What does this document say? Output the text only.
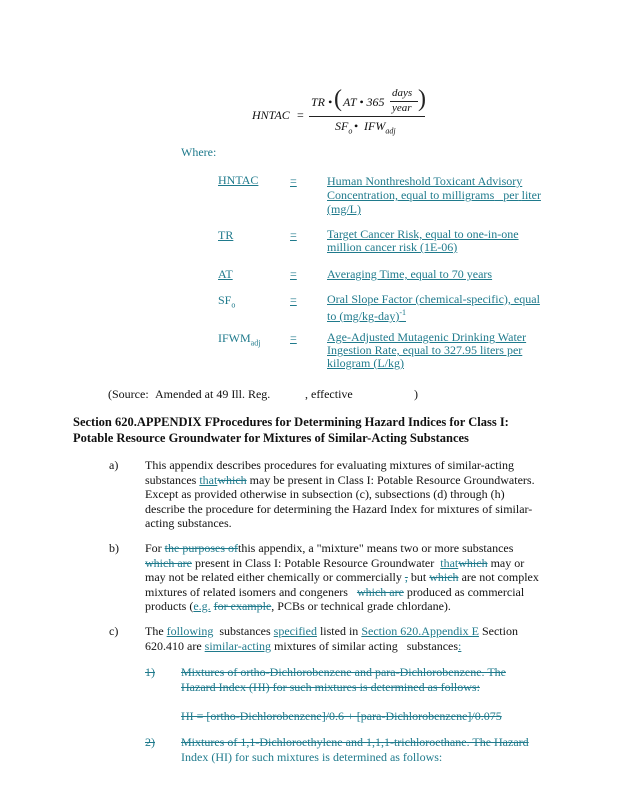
HNTAC =
TR • ( AT • 365
days
year )
$SF_o$ • $IFW_{adj}$
Where:
HNTAC	=	Human Nonthreshold Toxicant Advisory
Concentration, equal to milligrams per liter
(mg/L)
TR	=	Target Cancer Risk, equal to one-in-one
million cancer risk (1E-06)
AT	=	Averaging Time, equal to 70 years
$SF_o$	=	Oral Slope Factor (chemical-specific), equal
to $(mg/kg-day)^{-1}$
$IFWM_{adj}$ =	Age-Adjusted Mutagenic Drinking Water
Ingestion Rate, equal to 327.95 liters per
kilogram (L/kg)
(Source: Amended at 49 Ill. Reg.	, effective	)
Section 620.APPENDIX FProcedures for Determining Hazard Indices for Class I:
Potable Resource Groundwater for Mixtures of Similar-Acting Substances
a) This appendix describes procedures for evaluating mixtures of similar-acting
substances thatwhich may be present in Class I: Potable Resource Groundwaters.
Except as provided otherwise in subsection (c), subsections (d) through (h)
describe the procedure for determining the Hazard Index for mixtures of similar-
acting substances.
b) For the purposes ofthis appendix, a "mixture" means two or more substances
which are present in Class I: Potable Resource Groundwater thatwhich may or
may not be related either chemically or commercially , but which are not complex
mixtures of related isomers and congeners which are produced as commercial
products (e.g. for example, PCBs or technical grade chlordane).
c) The following substances specified listed in Section 620.Appendix E Section
620.410 are similar-acting mixtures of similar acting substances:
1) Mixtures of ortho-Dichlorobenzene and para-Dichlorobenzene. The
Hazard Index (HI) for such mixtures is determined as follows:
HI = [ortho-Dichlorobenzene]/0.6 + [para-Dichlorobenzene]/0.075
2) Mixtures of 1,1-Dichloroethylene and 1,1,1-trichloroethane. The Hazard
Index (HI) for such mixtures is determined as follows:
